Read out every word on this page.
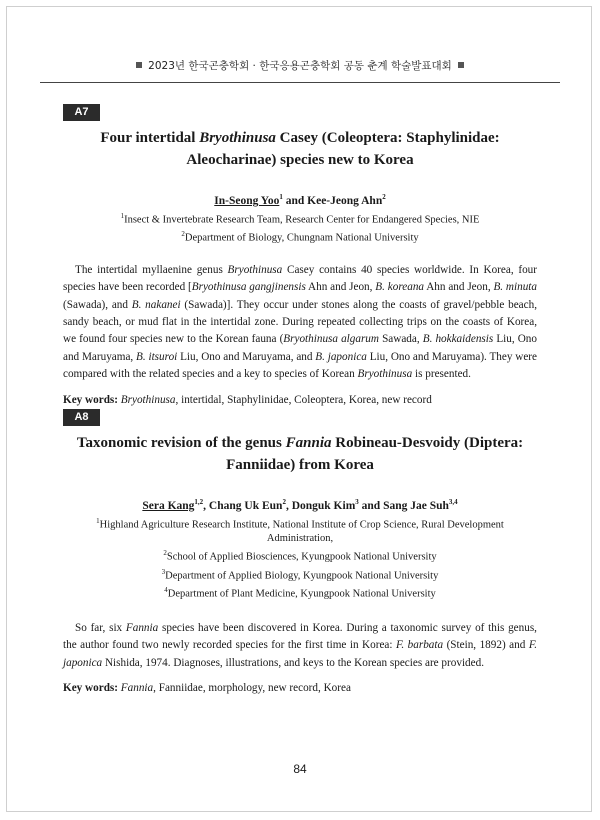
2023년 한국곤충학회 · 한국응용곤충학회 공동 춘계 학술발표대회
A7
Four intertidal Bryothinusa Casey (Coleoptera: Staphylinidae: Aleocharinae) species new to Korea
In-Seong Yoo$^1$ and Kee-Jeong Ahn$^2$
$^1$Insect & Invertebrate Research Team, Research Center for Endangered Species, NIE
$^2$Department of Biology, Chungnam National University
The intertidal myllaenine genus Bryothinusa Casey contains 40 species worldwide. In Korea, four species have been recorded [Bryothinusa gangjinensis Ahn and Jeon, B. koreana Ahn and Jeon, B. minuta (Sawada), and B. nakanei (Sawada)]. They occur under stones along the coasts of gravel/pebble beach, sandy beach, or mud flat in the intertidal zone. During repeated collecting trips on the coasts of Korea, we found four species new to the Korean fauna (Bryothinusa algarum Sawada, B. hokkaidensis Liu, Ono and Maruyama, B. itsuroi Liu, Ono and Maruyama, and B. japonica Liu, Ono and Maruyama). They were compared with the related species and a key to species of Korean Bryothinusa is presented.
Key words: Bryothinusa, intertidal, Staphylinidae, Coleoptera, Korea, new record
A8
Taxonomic revision of the genus Fannia Robineau-Desvoidy (Diptera: Fanniidae) from Korea
Sera Kang$^{1,2}$, Chang Uk Eun$^2$, Donguk Kim$^3$ and Sang Jae Suh$^{3,4}$
$^1$Highland Agriculture Research Institute, National Institute of Crop Science, Rural Development Administration,
$^2$School of Applied Biosciences, Kyungpook National University
$^3$Department of Applied Biology, Kyungpook National University
$^4$Department of Plant Medicine, Kyungpook National University
So far, six Fannia species have been discovered in Korea. During a taxonomic survey of this genus, the author found two newly recorded species for the first time in Korea: F. barbata (Stein, 1892) and F. japonica Nishida, 1974. Diagnoses, illustrations, and keys to the Korean species are provided.
Key words: Fannia, Fanniidae, morphology, new record, Korea
84
